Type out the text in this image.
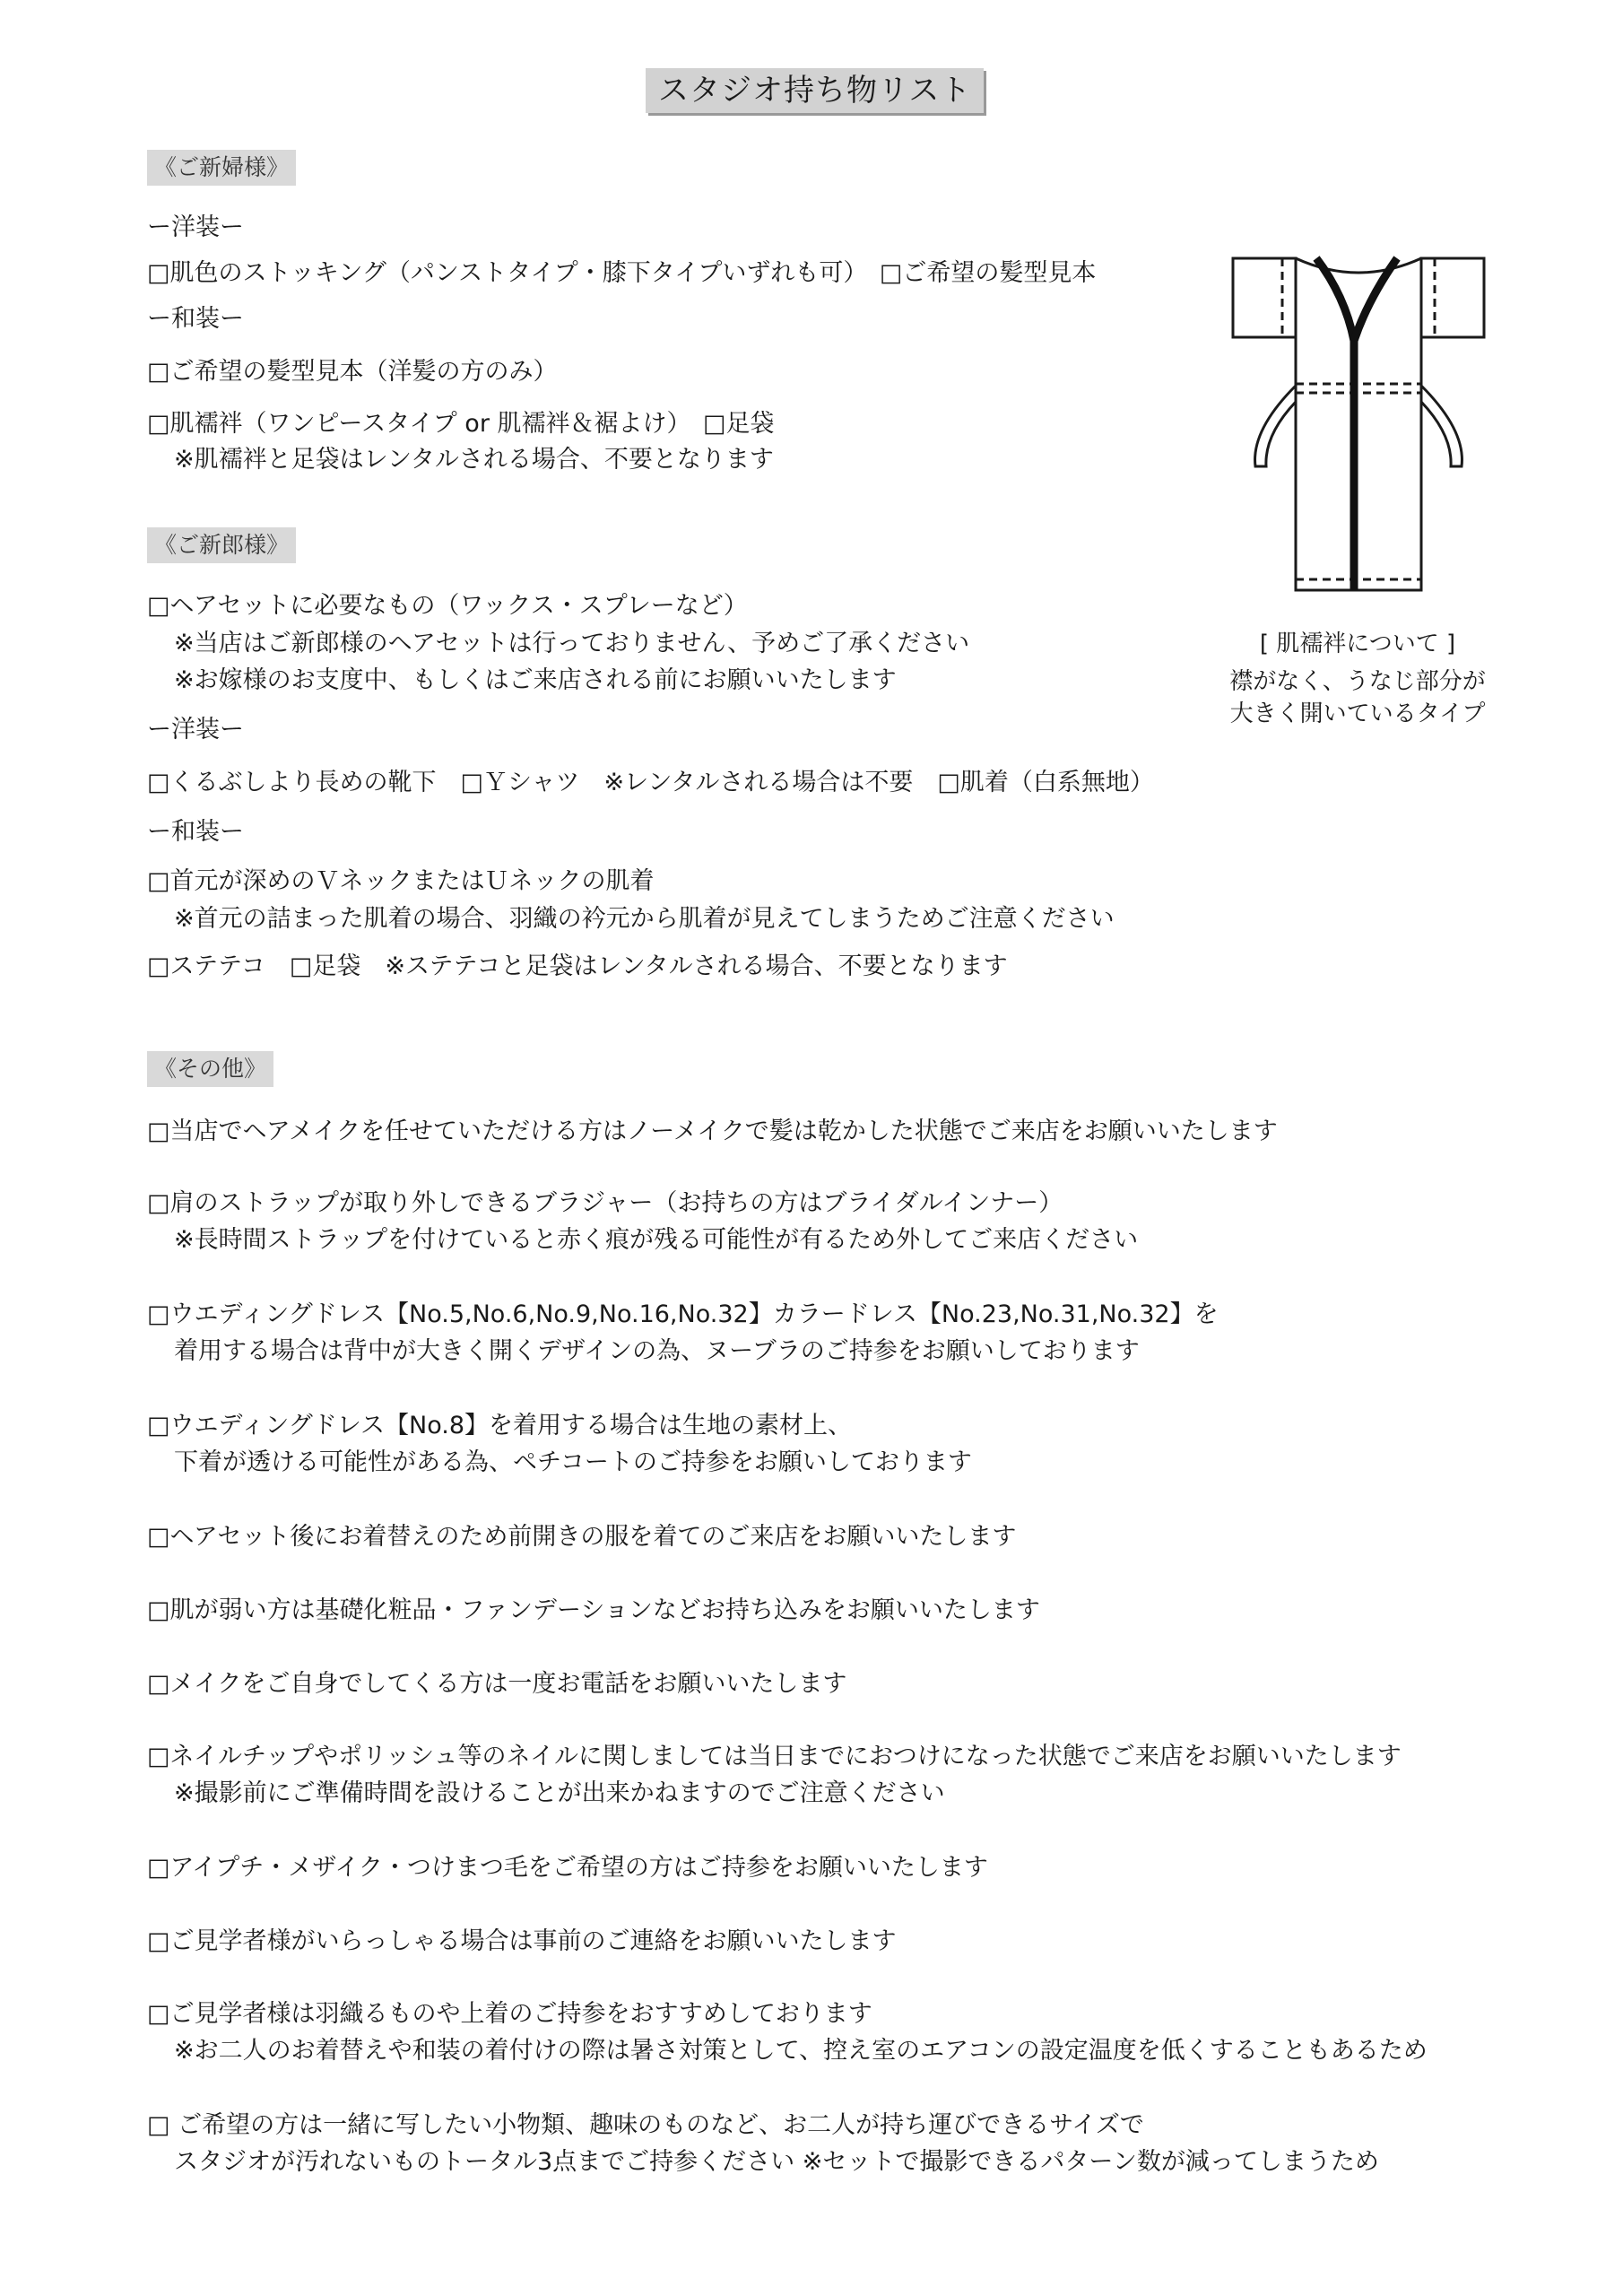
スタジオ持ち物リスト
《ご新婦様》
ー洋装ー
□肌色のストッキング（パンストタイプ・膝下タイプいずれも可）　□ご希望の髪型見本
ー和装ー
□ご希望の髪型見本（洋髪の方のみ）
□肌襦袢（ワンピースタイプ or 肌襦袢＆裾よけ）　□足袋
※肌襦袢と足袋はレンタルされる場合、不要となります
《ご新郎様》
□ヘアセットに必要なもの（ワックス・スプレーなど）
※当店はご新郎様のヘアセットは行っておりません、予めご了承ください
※お嫁様のお支度中、もしくはご来店される前にお願いいたします
ー洋装ー
□くるぶしより長めの靴下　□Ｙシャツ　※レンタルされる場合は不要　□肌着（白系無地）
ー和装ー
□首元が深めのＶネックまたはＵネックの肌着
※首元の詰まった肌着の場合、羽織の衿元から肌着が見えてしまうためご注意ください
□ステテコ　□足袋　※ステテコと足袋はレンタルされる場合、不要となります
[ 肌襦袢について ]
襟がなく、うなじ部分が
大きく開いているタイプ
《その他》
□当店でヘアメイクを任せていただける方はノーメイクで髪は乾かした状態でご来店をお願いいたします
□肩のストラップが取り外しできるブラジャー（お持ちの方はブライダルインナー）
※長時間ストラップを付けていると赤く痕が残る可能性が有るため外してご来店ください
□ウエディングドレス【No.5,No.6,No.9,No.16,No.32】カラードレス【No.23,No.31,No.32】を
着用する場合は背中が大きく開くデザインの為、ヌーブラのご持参をお願いしております
□ウエディングドレス【No.8】を着用する場合は生地の素材上、
下着が透ける可能性がある為、ペチコートのご持参をお願いしております
□ヘアセット後にお着替えのため前開きの服を着てのご来店をお願いいたします
□肌が弱い方は基礎化粧品・ファンデーションなどお持ち込みをお願いいたします
□メイクをご自身でしてくる方は一度お電話をお願いいたします
□ネイルチップやポリッシュ等のネイルに関しましては当日までにおつけになった状態でご来店をお願いいたします
※撮影前にご準備時間を設けることが出来かねますのでご注意ください
□アイプチ・メザイク・つけまつ毛をご希望の方はご持参をお願いいたします
□ご見学者様がいらっしゃる場合は事前のご連絡をお願いいたします
□ご見学者様は羽織るものや上着のご持参をおすすめしております
※お二人のお着替えや和装の着付けの際は暑さ対策として、控え室のエアコンの設定温度を低くすることもあるため
□ ご希望の方は一緒に写したい小物類、趣味のものなど、お二人が持ち運びできるサイズで
スタジオが汚れないものトータル3点までご持参ください ※セットで撮影できるパターン数が減ってしまうため
